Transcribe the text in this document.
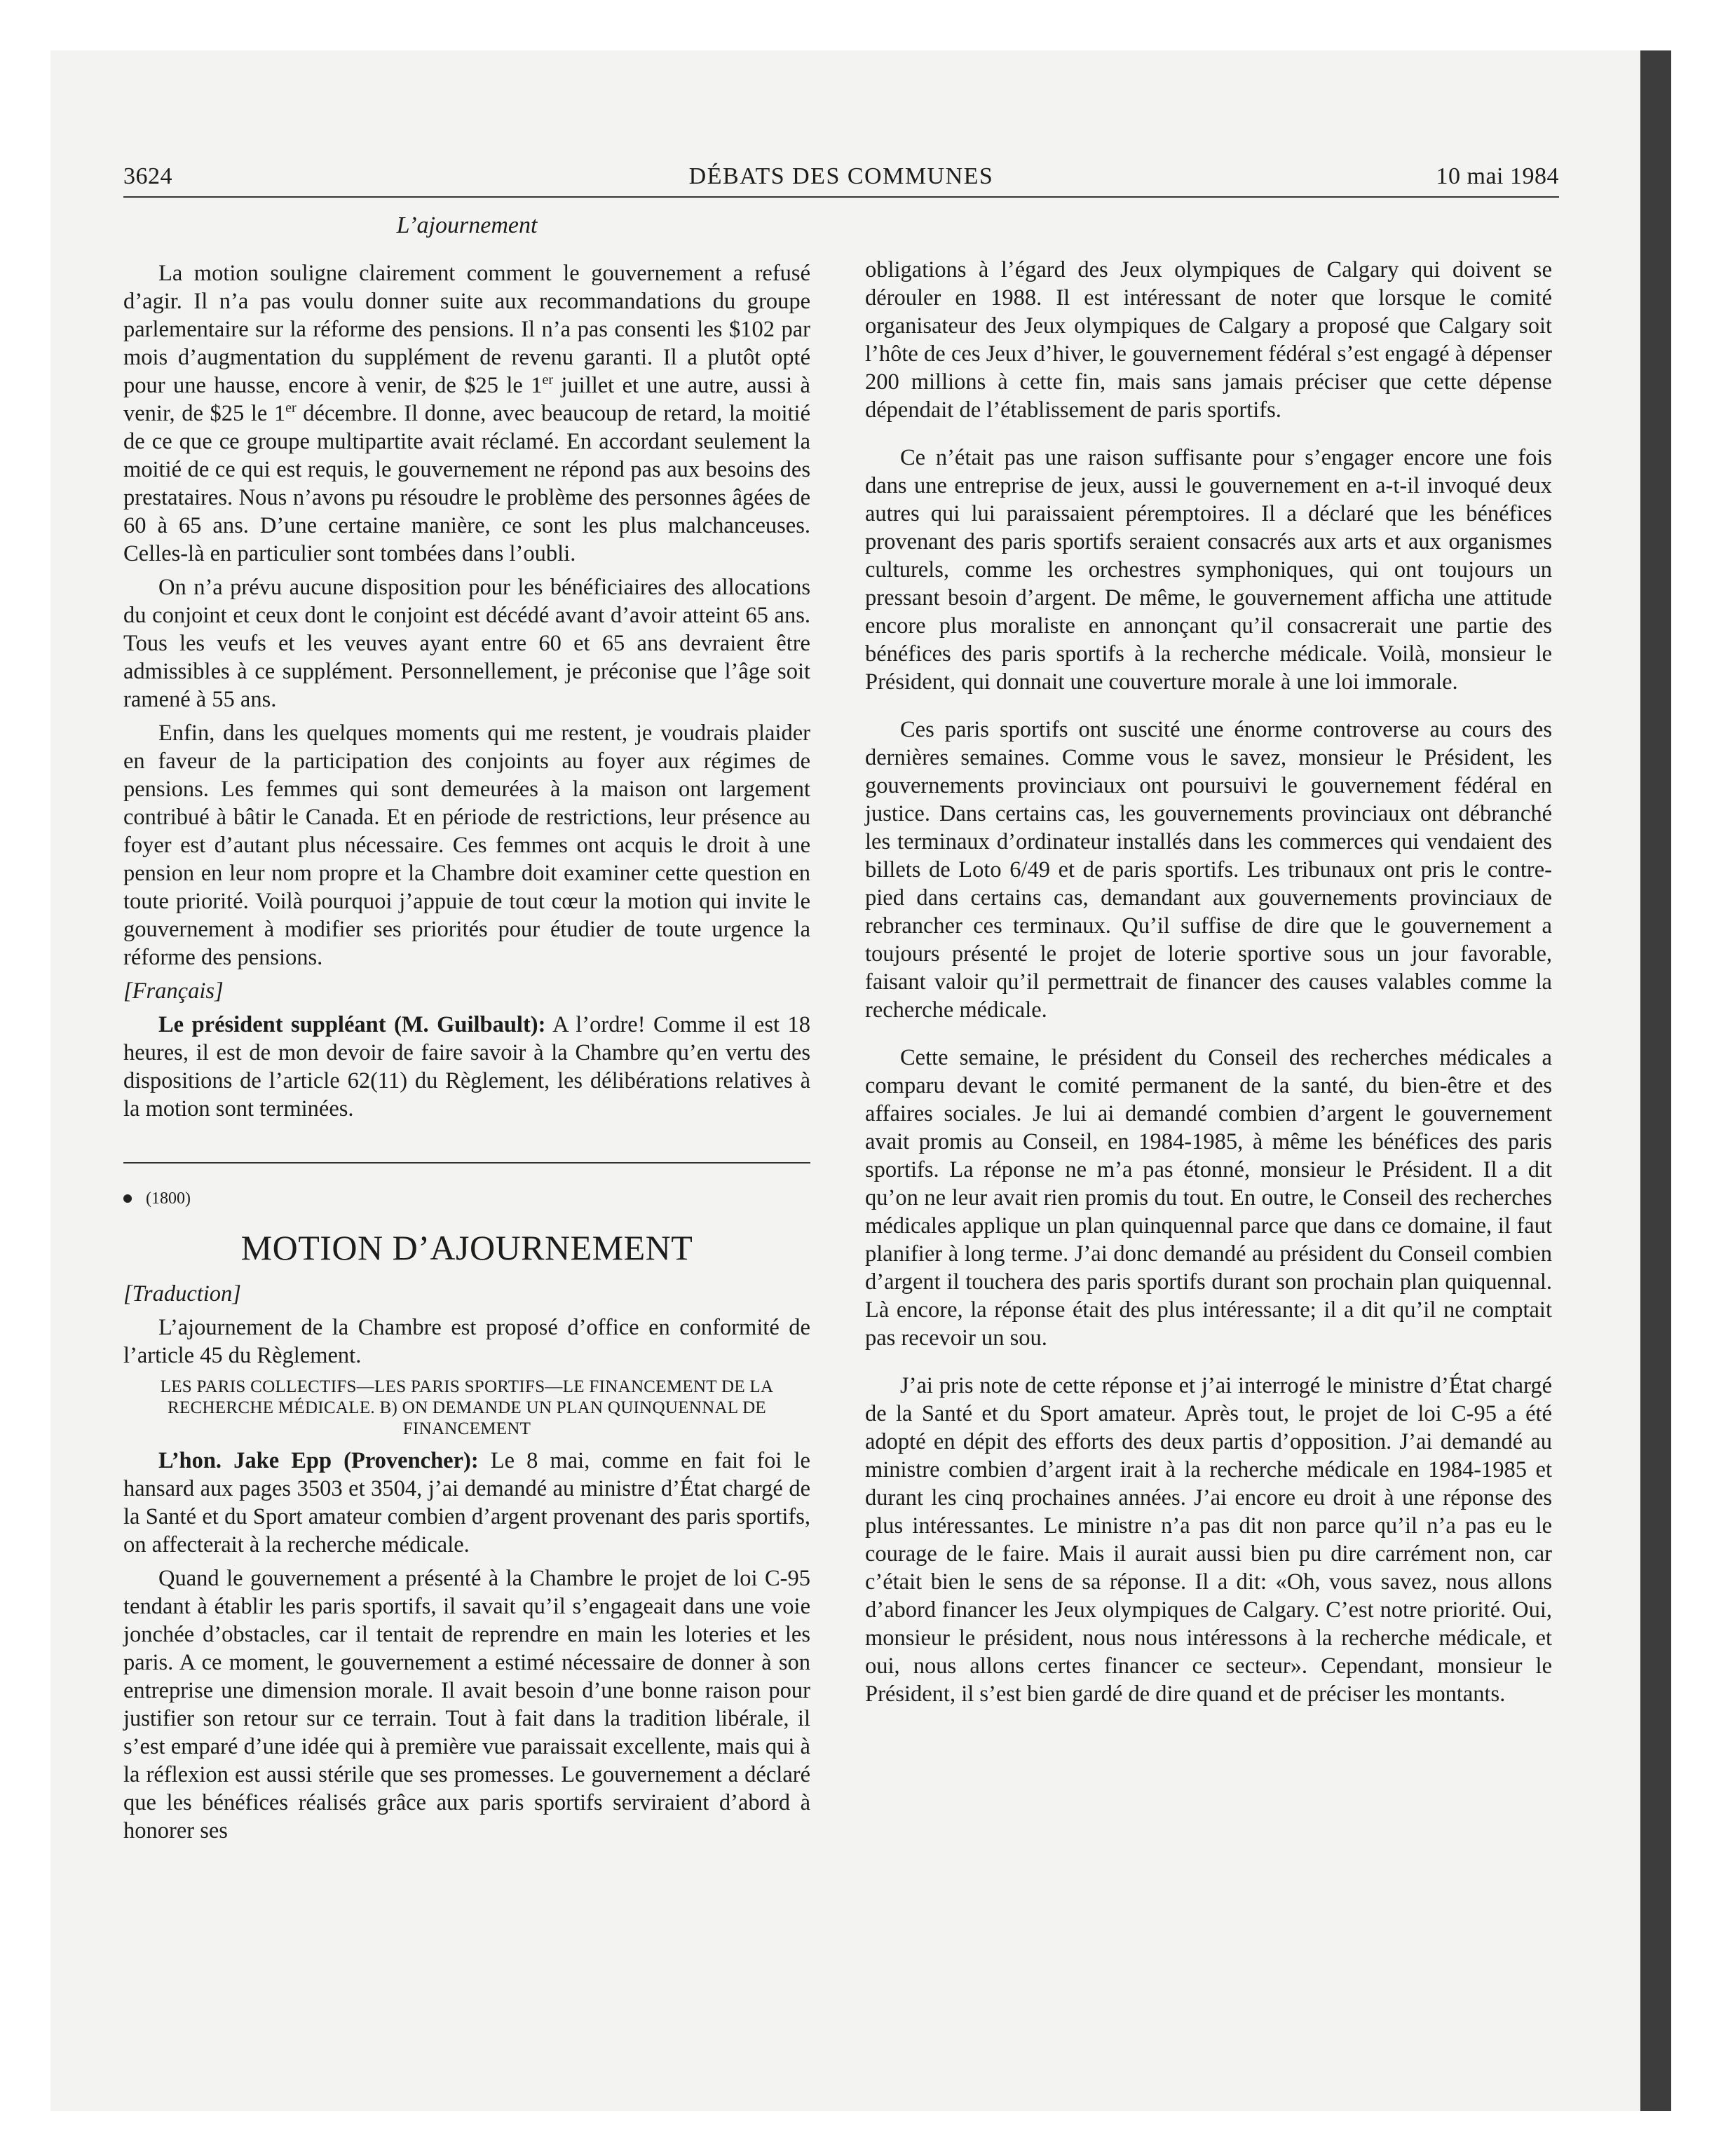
3624	DÉBATS DES COMMUNES	10 mai 1984
L’ajournement

La motion souligne clairement comment le gouvernement a refusé d’agir. Il n’a pas voulu donner suite aux recommandations du groupe parlementaire sur la réforme des pensions. Il n’a pas consenti les $102 par mois d’augmentation du supplément de revenu garanti. Il a plutôt opté pour une hausse, encore à venir, de $25 le 1er juillet et une autre, aussi à venir, de $25 le 1er décembre. Il donne, avec beaucoup de retard, la moitié de ce que ce groupe multipartite avait réclamé. En accordant seulement la moitié de ce qui est requis, le gouvernement ne répond pas aux besoins des prestataires. Nous n’avons pu résoudre le problème des personnes âgées de 60 à 65 ans. D’une certaine manière, ce sont les plus malchanceuses. Celles-là en particulier sont tombées dans l’oubli.

On n’a prévu aucune disposition pour les bénéficiaires des allocations du conjoint et ceux dont le conjoint est décédé avant d’avoir atteint 65 ans. Tous les veufs et les veuves ayant entre 60 et 65 ans devraient être admissibles à ce supplément. Personnellement, je préconise que l’âge soit ramené à 55 ans.

Enfin, dans les quelques moments qui me restent, je voudrais plaider en faveur de la participation des conjoints au foyer aux régimes de pensions. Les femmes qui sont demeurées à la maison ont largement contribué à bâtir le Canada. Et en période de restrictions, leur présence au foyer est d’autant plus nécessaire. Ces femmes ont acquis le droit à une pension en leur nom propre et la Chambre doit examiner cette question en toute priorité. Voilà pourquoi j’appuie de tout cœur la motion qui invite le gouvernement à modifier ses priorités pour étudier de toute urgence la réforme des pensions.

[Français]

Le président suppléant (M. Guilbault): A l’ordre! Comme il est 18 heures, il est de mon devoir de faire savoir à la Chambre qu’en vertu des dispositions de l’article 62(11) du Règlement, les délibérations relatives à la motion sont terminées.

(1800)
MOTION D’AJOURNEMENT
[Traduction]

L’ajournement de la Chambre est proposé d’office en conformité de l’article 45 du Règlement.

LES PARIS COLLECTIFS—LES PARIS SPORTIFS—LE FINANCEMENT DE LA RECHERCHE MÉDICALE. B) ON DEMANDE UN PLAN QUINQUENNAL DE FINANCEMENT

L’hon. Jake Epp (Provencher): Le 8 mai, comme en fait foi le hansard aux pages 3503 et 3504, j’ai demandé au ministre d’État chargé de la Santé et du Sport amateur combien d’argent provenant des paris sportifs, on affecterait à la recherche médicale.

Quand le gouvernement a présenté à la Chambre le projet de loi C-95 tendant à établir les paris sportifs, il savait qu’il s’engageait dans une voie jonchée d’obstacles, car il tentait de reprendre en main les loteries et les paris. A ce moment, le gouvernement a estimé nécessaire de donner à son entreprise une dimension morale. Il avait besoin d’une bonne raison pour justifier son retour sur ce terrain. Tout à fait dans la tradition libérale, il s’est emparé d’une idée qui à première vue paraissait excellente, mais qui à la réflexion est aussi stérile que ses promesses. Le gouvernement a déclaré que les bénéfices réalisés grâce aux paris sportifs serviraient d’abord à honorer ses

obligations à l’égard des Jeux olympiques de Calgary qui doivent se dérouler en 1988. Il est intéressant de noter que lorsque le comité organisateur des Jeux olympiques de Calgary a proposé que Calgary soit l’hôte de ces Jeux d’hiver, le gouvernement fédéral s’est engagé à dépenser 200 millions à cette fin, mais sans jamais préciser que cette dépense dépendait de l’établissement de paris sportifs.

Ce n’était pas une raison suffisante pour s’engager encore une fois dans une entreprise de jeux, aussi le gouvernement en a-t-il invoqué deux autres qui lui paraissaient péremptoires. Il a déclaré que les bénéfices provenant des paris sportifs seraient consacrés aux arts et aux organismes culturels, comme les orchestres symphoniques, qui ont toujours un pressant besoin d’argent. De même, le gouvernement afficha une attitude encore plus moraliste en annonçant qu’il consacrerait une partie des bénéfices des paris sportifs à la recherche médicale. Voilà, monsieur le Président, qui donnait une couverture morale à une loi immorale.

Ces paris sportifs ont suscité une énorme controverse au cours des dernières semaines. Comme vous le savez, monsieur le Président, les gouvernements provinciaux ont poursuivi le gouvernement fédéral en justice. Dans certains cas, les gouvernements provinciaux ont débranché les terminaux d’ordinateur installés dans les commerces qui vendaient des billets de Loto 6/49 et de paris sportifs. Les tribunaux ont pris le contre-pied dans certains cas, demandant aux gouvernements provinciaux de rebrancher ces terminaux. Qu’il suffise de dire que le gouvernement a toujours présenté le projet de loterie sportive sous un jour favorable, faisant valoir qu’il permettrait de financer des causes valables comme la recherche médicale.

Cette semaine, le président du Conseil des recherches médicales a comparu devant le comité permanent de la santé, du bien-être et des affaires sociales. Je lui ai demandé combien d’argent le gouvernement avait promis au Conseil, en 1984-1985, à même les bénéfices des paris sportifs. La réponse ne m’a pas étonné, monsieur le Président. Il a dit qu’on ne leur avait rien promis du tout. En outre, le Conseil des recherches médicales applique un plan quinquennal parce que dans ce domaine, il faut planifier à long terme. J’ai donc demandé au président du Conseil combien d’argent il touchera des paris sportifs durant son prochain plan quiquennal. Là encore, la réponse était des plus intéressante; il a dit qu’il ne comptait pas recevoir un sou.

J’ai pris note de cette réponse et j’ai interrogé le ministre d’État chargé de la Santé et du Sport amateur. Après tout, le projet de loi C-95 a été adopté en dépit des efforts des deux partis d’opposition. J’ai demandé au ministre combien d’argent irait à la recherche médicale en 1984-1985 et durant les cinq prochaines années. J’ai encore eu droit à une réponse des plus intéressantes. Le ministre n’a pas dit non parce qu’il n’a pas eu le courage de le faire. Mais il aurait aussi bien pu dire carrément non, car c’était bien le sens de sa réponse. Il a dit: «Oh, vous savez, nous allons d’abord financer les Jeux olympiques de Calgary. C’est notre priorité. Oui, monsieur le président, nous nous intéressons à la recherche médicale, et oui, nous allons certes financer ce secteur». Cependant, monsieur le Président, il s’est bien gardé de dire quand et de préciser les montants.
